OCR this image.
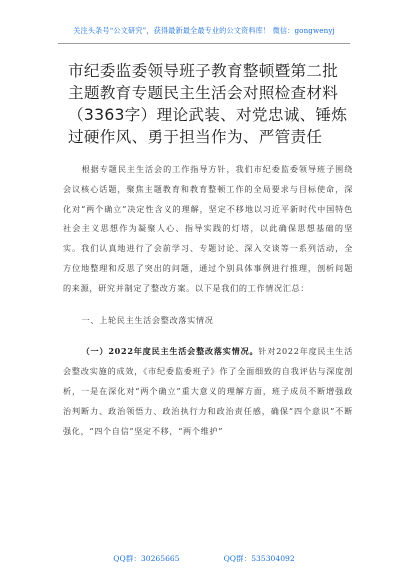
关注头条号“公文研究”，获得最新最全最专业的公文资料库！ 微信：gongwenyj
市纪委监委领导班子教育整顿暨第二批主题教育专题民主生活会对照检查材料（3363字）理论武装、对党忠诚、锤炼过硬作风、勇于担当作为、严管责任

根据专题民主生活会的工作指导方针，我们市纪委监委领导班子围绕会议核心话题，聚焦主题教育和教育整顿工作的全局要求与目标使命，深化对“两个确立”决定性含义的理解，坚定不移地以习近平新时代中国特色社会主义思想作为凝聚人心、指导实践的灯塔，以此确保思想基础的坚实。我们认真地进行了会前学习、专题讨论、深入交谈等一系列活动，全方位地整理和反思了突出的问题，通过个别具体事例进行推理，剖析问题的来源，研究并制定了整改方案。以下是我们的工作情况汇总：

一、上轮民主生活会整改落实情况

（一）2022年度民主生活会整改落实情况。针对2022年度民主生活会整改实施的成效，《市纪委监委班子》作了全面细致的自我评估与深度剖析，一是在深化对“两个确立”重大意义的理解方面，班子成员不断增强政治判断力、政治领悟力、政治执行力和政治责任感，确保“四个意识”不断强化，“四个自信”坚定不移，“两个维护”

QQ群：30265665	QQ群：535304092
